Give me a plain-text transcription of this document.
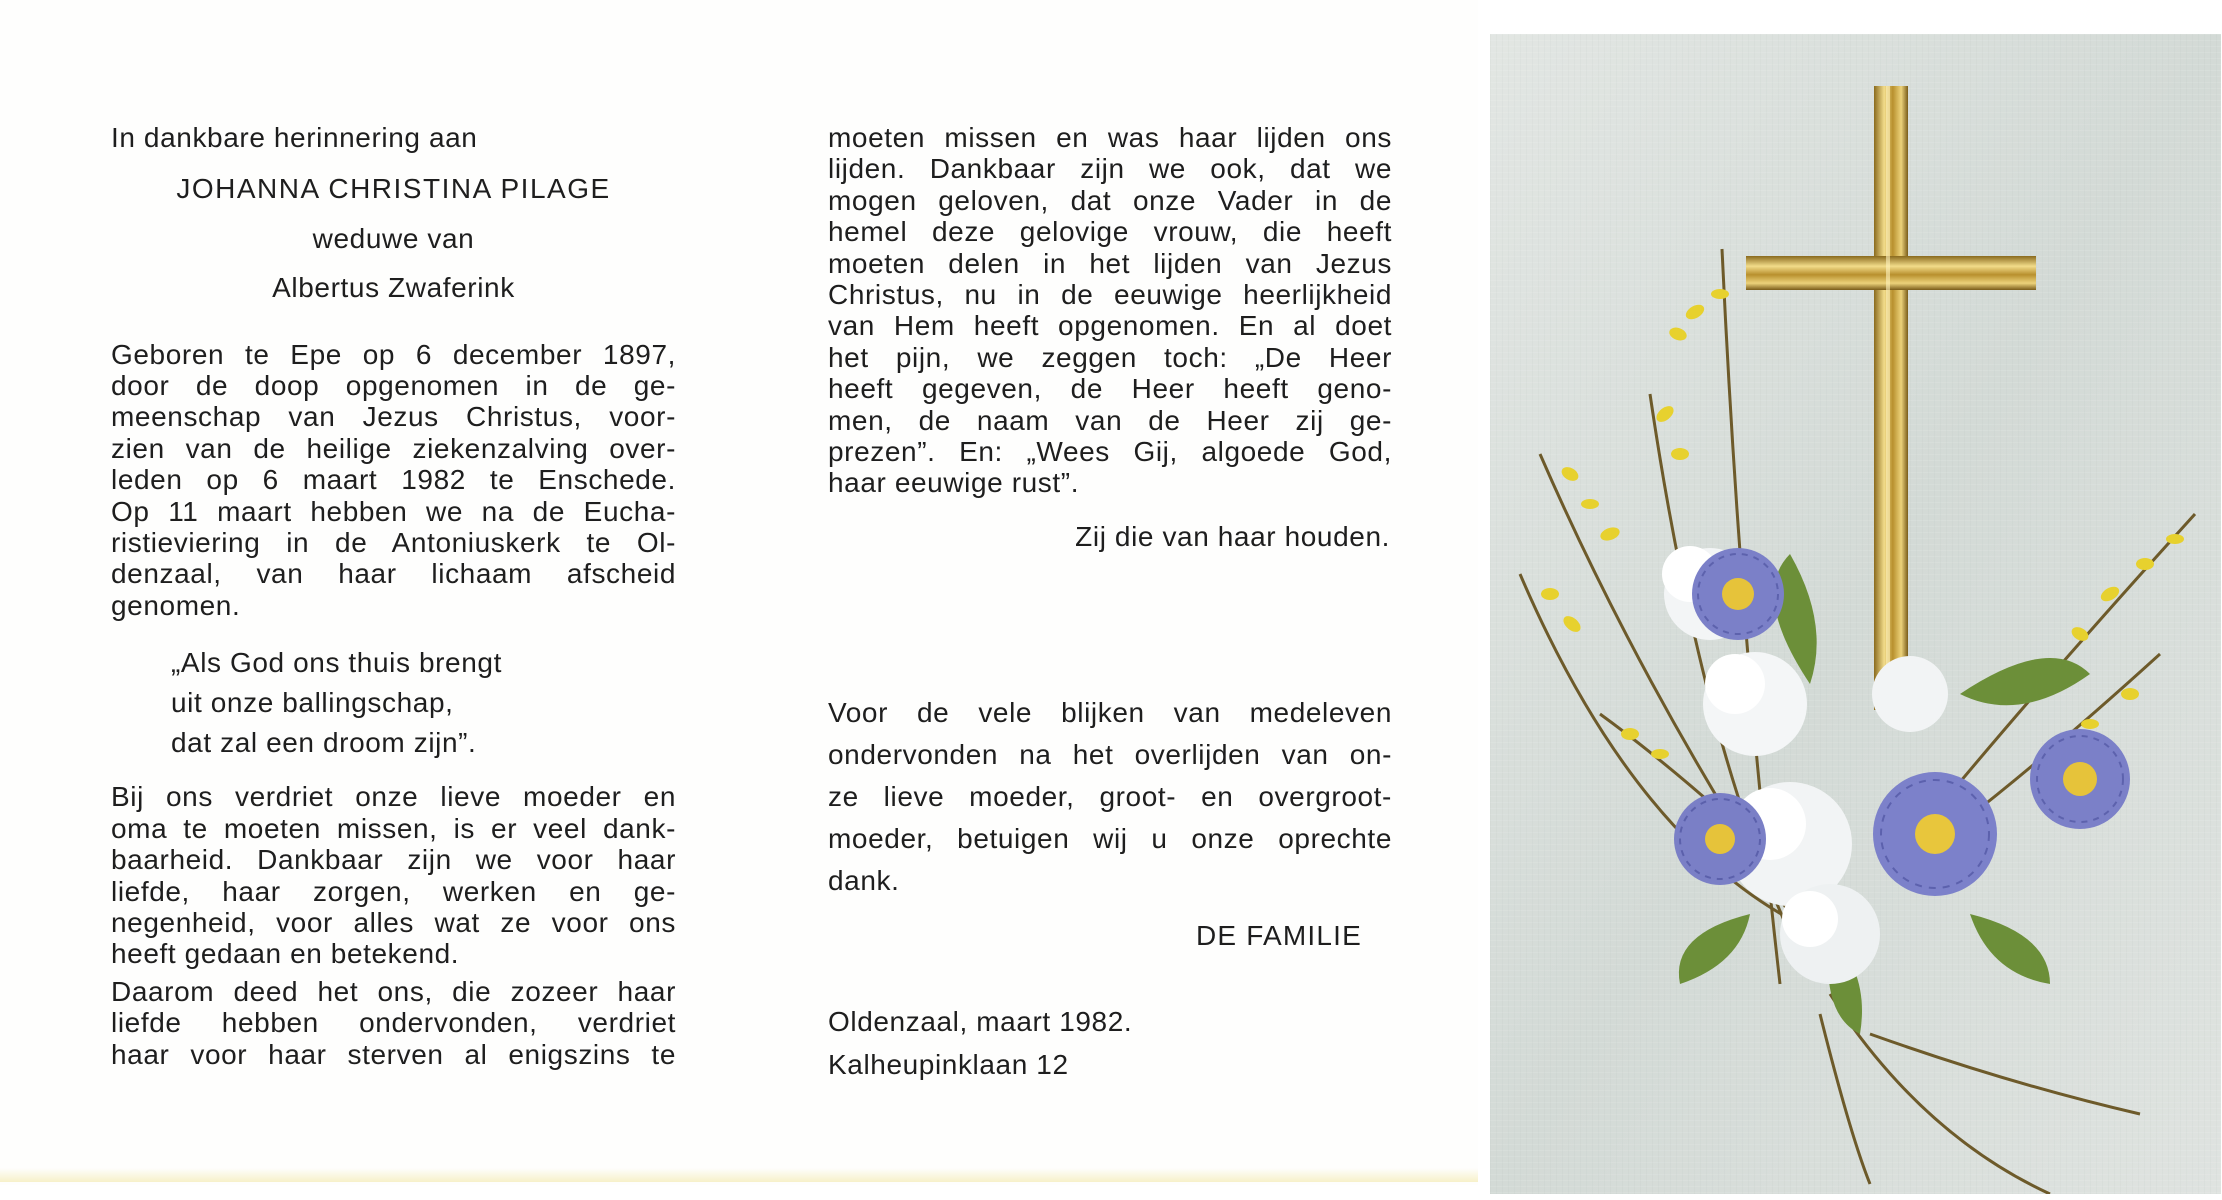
In dankbare herinnering aan

JOHANNA CHRISTINA PILAGE

weduwe van

Albertus Zwaferink

Geboren te Epe op 6 december 1897,
door de doop opgenomen in de ge-
meenschap van Jezus Christus, voor-
zien van de heilige ziekenzalving over-
leden op 6 maart 1982 te Enschede.
Op 11 maart hebben we na de Eucha-
ristieviering in de Antoniuskerk te Ol-
denzaal, van haar lichaam afscheid
genomen.

„Als God ons thuis brengt
uit onze ballingschap,
dat zal een droom zijn”.

Bij ons verdriet onze lieve moeder en
oma te moeten missen, is er veel dank-
baarheid. Dankbaar zijn we voor haar
liefde, haar zorgen, werken en ge-
negenheid, voor alles wat ze voor ons
heeft gedaan en betekend.

Daarom deed het ons, die zozeer haar
liefde hebben ondervonden, verdriet
haar voor haar sterven al enigszins te

moeten missen en was haar lijden ons
lijden. Dankbaar zijn we ook, dat we
mogen geloven, dat onze Vader in de
hemel deze gelovige vrouw, die heeft
moeten delen in het lijden van Jezus
Christus, nu in de eeuwige heerlijkheid
van Hem heeft opgenomen. En al doet
het pijn, we zeggen toch: „De Heer
heeft gegeven, de Heer heeft geno-
men, de naam van de Heer zij ge-
prezen”. En: „Wees Gij, algoede God,
haar eeuwige rust”.

Zij die van haar houden.

Voor de vele blijken van medeleven
ondervonden na het overlijden van on-
ze lieve moeder, groot- en overgroot-
moeder, betuigen wij u onze oprechte
dank.

DE FAMILIE

Oldenzaal, maart 1982.
Kalheupinklaan 12
